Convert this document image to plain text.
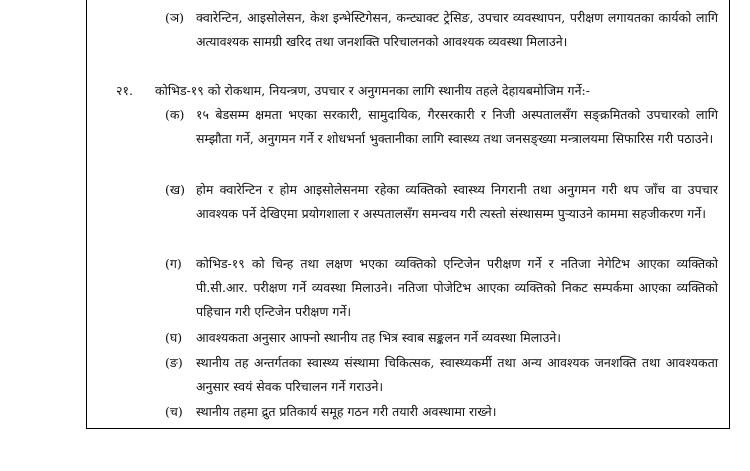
(ञ) क्वारेन्टिन, आइसोलेसन, केश इन्भेस्टिगेसन, कन्ट्याक्ट ट्रेसिङ, उपचार व्यवस्थापन, परीक्षण लगायतका कार्यको लागि अत्यावश्यक सामग्री खरिद तथा जनशक्ति परिचालनको आवश्यक व्यवस्था मिलाउने।
२१. कोभिड-१९ को रोकथाम, नियन्त्रण, उपचार र अनुगमनका लागि स्थानीय तहले देहायबमोजिम गर्ने:-
(क) १५ बेडसम्म क्षमता भएका सरकारी, सामुदायिक, गैरसरकारी र निजी अस्पतालसँग सङ्क्रमितको उपचारको लागि सम्झौता गर्ने, अनुगमन गर्ने र शोधभर्ना भुक्तानीका लागि स्वास्थ्य तथा जनसङ्ख्या मन्त्रालयमा सिफारिस गरी पठाउने।
(ख) होम क्वारेन्टिन र होम आइसोलेसनमा रहेका व्यक्तिको स्वास्थ्य निगरानी तथा अनुगमन गरी थप जाँच वा उपचार आवश्यक पर्ने देखिएमा प्रयोगशाला र अस्पतालसँग समन्वय गरी त्यस्तो संस्थासम्म पुर्‍याउने काममा सहजीकरण गर्ने।
(ग) कोभिड-१९ को चिन्ह तथा लक्षण भएका व्यक्तिको एन्टिजेन परीक्षण गर्ने र नतिजा नेगेटिभ आएका व्यक्तिको पी.सी.आर. परीक्षण गर्ने व्यवस्था मिलाउने। नतिजा पोजेटिभ आएका व्यक्तिको निकट सम्पर्कमा आएका व्यक्तिको पहिचान गरी एन्टिजेन परीक्षण गर्ने।
(घ) आवश्यकता अनुसार आफ्नो स्थानीय तह भित्र स्वाब सङ्कलन गर्ने व्यवस्था मिलाउने।
(ङ) स्थानीय तह अन्तर्गतका स्वास्थ्य संस्थामा चिकित्सक, स्वास्थ्यकर्मी तथा अन्य आवश्यक जनशक्ति तथा आवश्यकता अनुसार स्वयं सेवक परिचालन गर्ने गराउने।
(च) स्थानीय तहमा द्रुत प्रतिकार्य समूह गठन गरी तयारी अवस्थामा राख्ने।
